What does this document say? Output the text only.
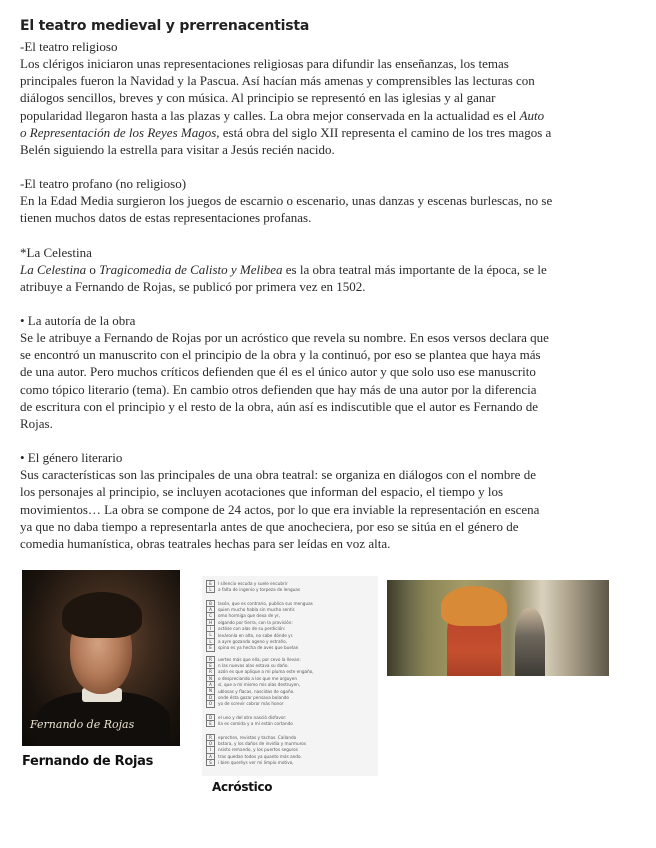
El teatro medieval y prerrenacentista

-El teatro religioso

Los clérigos iniciaron unas representaciones religiosas para difundir las enseñanzas, los temas
principales fueron la Navidad y la Pascua. Así hacían más amenas y comprensibles las lecturas con
diálogos sencillos, breves y con música. Al principio se representó en las iglesias y al ganar
popularidad llegaron hasta a las plazas y calles. La obra mejor conservada en la actualidad es el Auto
o Representación de los Reyes Magos, está obra del siglo XII representa el camino de los tres magos a
Belén siguiendo la estrella para visitar a Jesús recién nacido.

-El teatro profano (no religioso)

En la Edad Media surgieron los juegos de escarnio o escenario, unas danzas y escenas burlescas, no se
tienen muchos datos de estas representaciones profanas.

*La Celestina

La Celestina o Tragicomedia de Calisto y Melibea es la obra teatral más importante de la época, se le
atribuye a Fernando de Rojas, se publicó por primera vez en 1502.

• La autoría de la obra

Se le atribuye a Fernando de Rojas por un acróstico que revela su nombre. En esos versos declara que
se encontró un manuscrito con el principio de la obra y la continuó, por eso se plantea que haya más
de una autor. Pero muchos críticos defienden que él es el único autor y que solo uso ese manuscrito
como tópico literario (tema). En cambio otros defienden que hay más de una autor por la diferencia
de escritura con el principio y el resto de la obra, aún así es indiscutible que el autor es Fernando de
Rojas.

• El género literario

Sus características son las principales de una obra teatral: se organiza en diálogos con el nombre de
los personajes al principio, se incluyen acotaciones que informan del espacio, el tiempo y los
movimientos… La obra se compone de 24 actos, por lo que era inviable la representación en escena
ya que no daba tiempo a representarla antes de que anocheciera, por eso se sitúa en el género de
comedia humanística, obras teatrales hechas para ser leídas en voz alta.

Fernando de Rojas
Fernando de Rojas
E	l silencio escuda y suele encubrir
L	a falta de ingenio y torpeza de lenguas
B	lasón, que es contrario, publica sus menguas
A	quien mucho habla sin mucho sentir.
C	omo hormiga que dexa de yr,
H	olgando por tierra, con la provisión:
I	actóse con alas de su perdición:
L	leváronla en alto, no sabe dónde yr.
L	a ayre gozando ageno y estraño,
E	spina es ya hecha de aves que buelan
R	uertes más que ella, por cevo la llevan:
E	n las nuevas alas estava su daño.
R	azón es que aplique a mi pluma este engaño,
N	o despreciando a los que me arguyen
A	sí, que a mí mismo mis alas destruyen,
N	ublosas y flacas, nascidas de ogaño.
D	onde ésta gozar pensava bolando
O	yo de screvir cobrar más honor
D	el uno y del otro nasció disfavor:
E	lla es comida y a mí están cortando
R	eproches, revistas y tachas. Callando
O	bstara, y los daños de invidia y murmuros
I	nsisto remando, y los puertos seguros
A	tras quedan todos ya quanto más ando.
S	i bien queréys ver mi limpio motivo,
Acróstico
